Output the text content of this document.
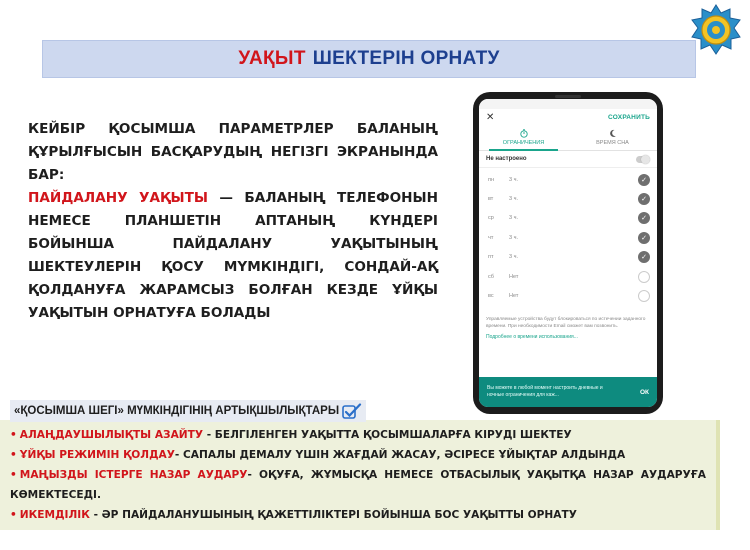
УАҚЫТ ШЕКТЕРІН ОРНАТУ
КЕЙБІР ҚОСЫМША ПАРАМЕТРЛЕР БАЛАНЫҢ ҚҰРЫЛҒЫСЫН БАСҚАРУДЫҢ НЕГІЗГІ ЭКРАНЫНДА БАР:
ПАЙДАЛАНУ УАҚЫТЫ — БАЛАНЫҢ ТЕЛЕФОНЫН НЕМЕСЕ ПЛАНШЕТІН АПТАНЫҢ КҮНДЕРІ БОЙЫНША ПАЙДАЛАНУ УАҚЫТЫНЫҢ ШЕКТЕУЛЕРІН ҚОСУ МҮМКІНДІГІ, СОНДАЙ-АҚ ҚОЛДАНУҒА ЖАРАМСЫЗ БОЛҒАН КЕЗДЕ ҰЙҚЫ УАҚЫТЫН ОРНАТУҒА БОЛАДЫ
✕	СОХРАНИТЬ
ОГРАНИЧЕНИЯ	ВРЕМЯ СНА
Не настроено
пн	3 ч.	✓
вт	3 ч.	✓
ср	3 ч.	✓
чт	3 ч.	✓
пт	3 ч.	✓
сб	Нет
вс	Нет
Управляемые устройства будут блокироваться по истечении заданного времени. При необходимости Email сможет вам позвонить.
Подробнее о времени использования...
Вы можете в любой момент настроить дневные и ночные ограничения для каж...	ОК
• АЛАҢДАУШЫЛЫҚТЫ АЗАЙТУ - БЕЛГІЛЕНГЕН УАҚЫТТА ҚОСЫМШАЛАРҒА КІРУДІ ШЕКТЕУ
• ҰЙҚЫ РЕЖИМІН ҚОЛДАУ- САПАЛЫ ДЕМАЛУ ҮШІН ЖАҒДАЙ ЖАСАУ, ӘСІРЕСЕ ҰЙЫҚТАР АЛДЫНДА
• МАҢЫЗДЫ ІСТЕРГЕ НАЗАР АУДАРУ- ОҚУҒА, ЖҰМЫСҚА НЕМЕСЕ ОТБАСЫЛЫҚ УАҚЫТҚА НАЗАР АУДАРУҒА КӨМЕКТЕСЕДІ.
• ИКЕМДІЛІК - ӘР ПАЙДАЛАНУШЫНЫҢ ҚАЖЕТТІЛІКТЕРІ БОЙЫНША БОС УАҚЫТТЫ ОРНАТУ
«ҚОСЫМША ШЕГІ» МҮМКІНДІГІНІҢ АРТЫҚШЫЛЫҚТАРЫ
